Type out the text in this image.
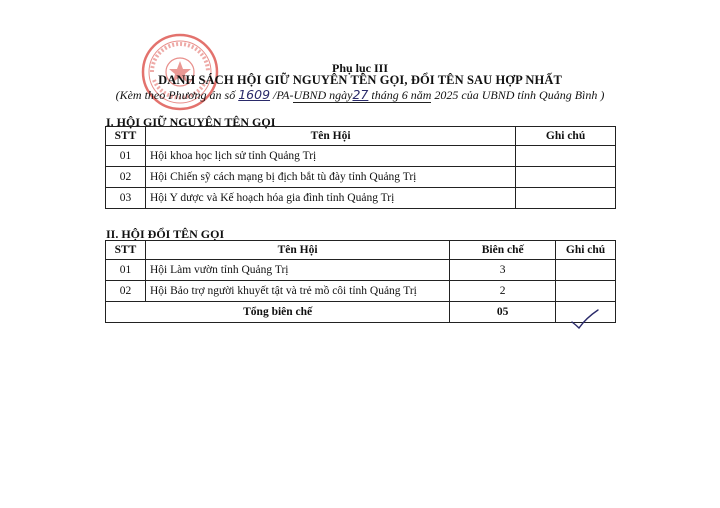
Phụ lục III
DANH SÁCH HỘI GIỮ NGUYÊN TÊN GỌI, ĐỔI TÊN SAU HỢP NHẤT
(Kèm theo Phương án số 1609 /PA-UBND ngày27 tháng 6 năm 2025 của UBND tỉnh Quảng Bình )
I. HỘI GIỮ NGUYÊN TÊN GỌI
STT	Tên Hội	Ghi chú
01	Hội khoa học lịch sử tỉnh Quảng Trị	
02	Hội Chiến sỹ cách mạng bị địch bắt tù đày tỉnh Quảng Trị	
03	Hội Y dược và Kế hoạch hóa gia đình tỉnh Quảng Trị	
II. HỘI ĐỔI TÊN GỌI
STT	Tên Hội	Biên chế	Ghi chú
01	Hội Làm vườn tỉnh Quảng Trị	3	
02	Hội Bảo trợ người khuyết tật và trẻ mồ côi tỉnh Quảng Trị	2	
Tổng biên chế		05	
